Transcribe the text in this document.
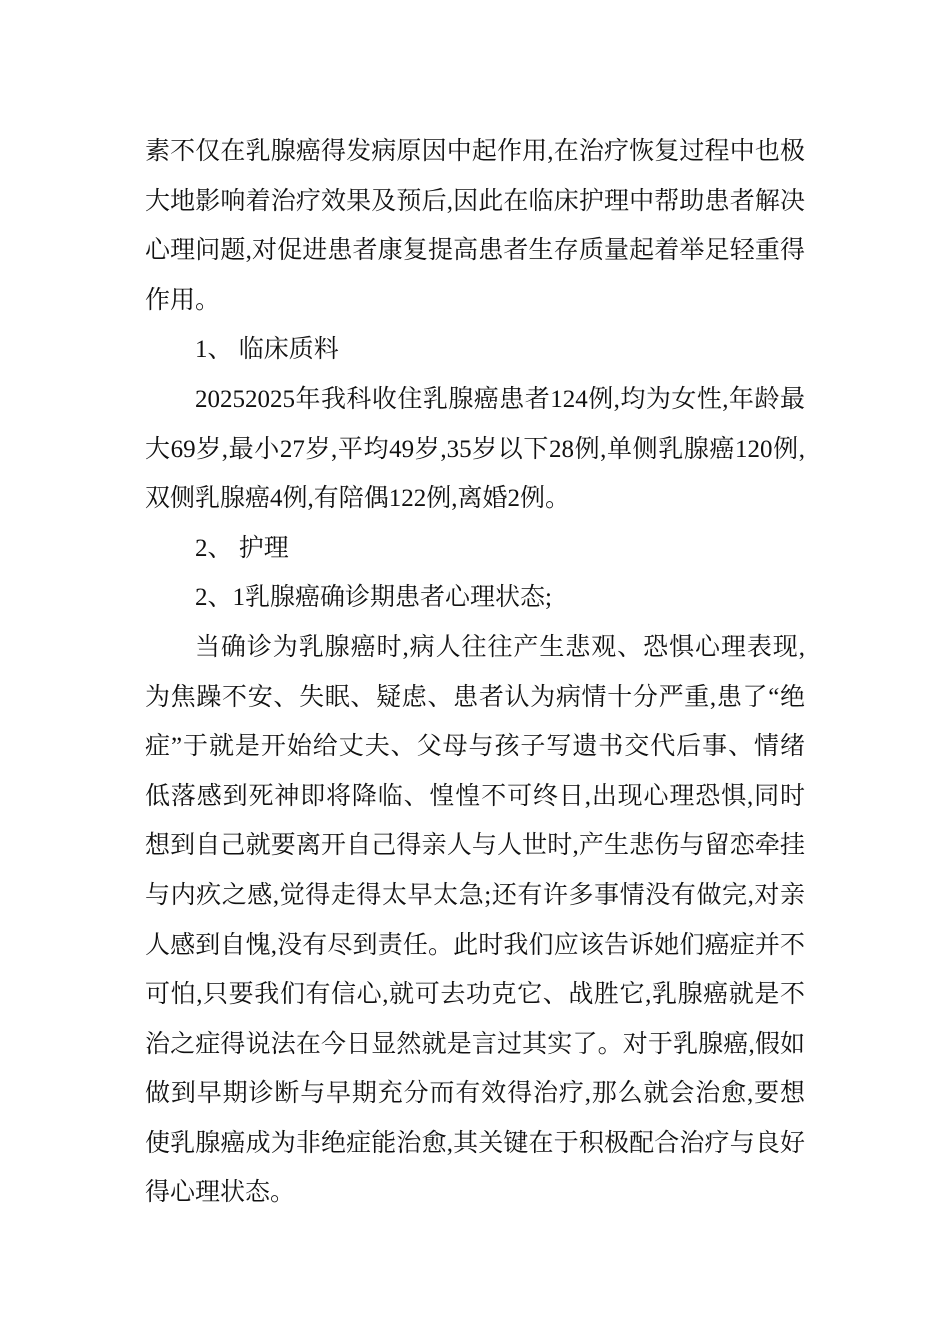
素不仅在乳腺癌得发病原因中起作用,在治疗恢复过程中也极大地影响着治疗效果及预后,因此在临床护理中帮助患者解决心理问题,对促进患者康复提高患者生存质量起着举足轻重得作用。

1、 临床质料

20252025年我科收住乳腺癌患者124例,均为女性,年龄最大69岁,最小27岁,平均49岁,35岁以下28例,单侧乳腺癌120例,双侧乳腺癌4例,有陪偶122例,离婚2例。

2、 护理

2、1乳腺癌确诊期患者心理状态;

当确诊为乳腺癌时,病人往往产生悲观、恐惧心理表现,为焦躁不安、失眠、疑虑、患者认为病情十分严重,患了“绝症”于就是开始给丈夫、父母与孩子写遗书交代后事、情绪低落感到死神即将降临、惶惶不可终日,出现心理恐惧,同时想到自己就要离开自己得亲人与人世时,产生悲伤与留恋牵挂与内疚之感,觉得走得太早太急;还有许多事情没有做完,对亲人感到自愧,没有尽到责任。此时我们应该告诉她们癌症并不可怕,只要我们有信心,就可去功克它、战胜它,乳腺癌就是不治之症得说法在今日显然就是言过其实了。对于乳腺癌,假如做到早期诊断与早期充分而有效得治疗,那么就会治愈,要想使乳腺癌成为非绝症能治愈,其关键在于积极配合治疗与良好得心理状态。
